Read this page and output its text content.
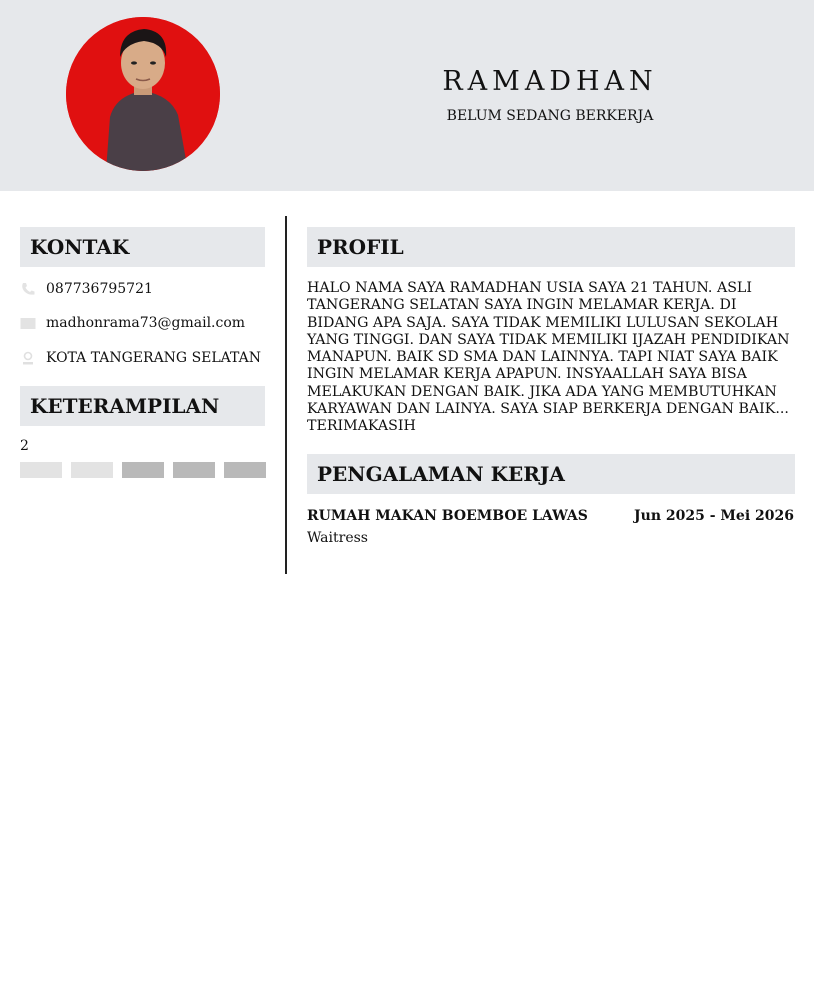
RAMADHAN
BELUM SEDANG BERKERJA
KONTAK
087736795721
madhonrama73@gmail.com
KOTA TANGERANG SELATAN
KETERAMPILAN
2
PROFIL
HALO NAMA SAYA RAMADHAN USIA SAYA 21 TAHUN. ASLI TANGERANG SELATAN SAYA INGIN MELAMAR KERJA. DI BIDANG APA SAJA. SAYA TIDAK MEMILIKI LULUSAN SEKOLAH YANG TINGGI. DAN SAYA TIDAK MEMILIKI IJAZAH PENDIDIKAN MANAPUN. BAIK SD SMA DAN LAINNYA. TAPI NIAT SAYA BAIK INGIN MELAMAR KERJA APAPUN. INSYAALLAH SAYA BISA MELAKUKAN DENGAN BAIK. JIKA ADA YANG MEMBUTUHKAN KARYAWAN DAN LAINYA. SAYA SIAP BERKERJA DENGAN BAIK... TERIMAKASIH
PENGALAMAN KERJA
RUMAH MAKAN BOEMBOE LAWAS	Jun 2025 - Mei 2026
Waitress
